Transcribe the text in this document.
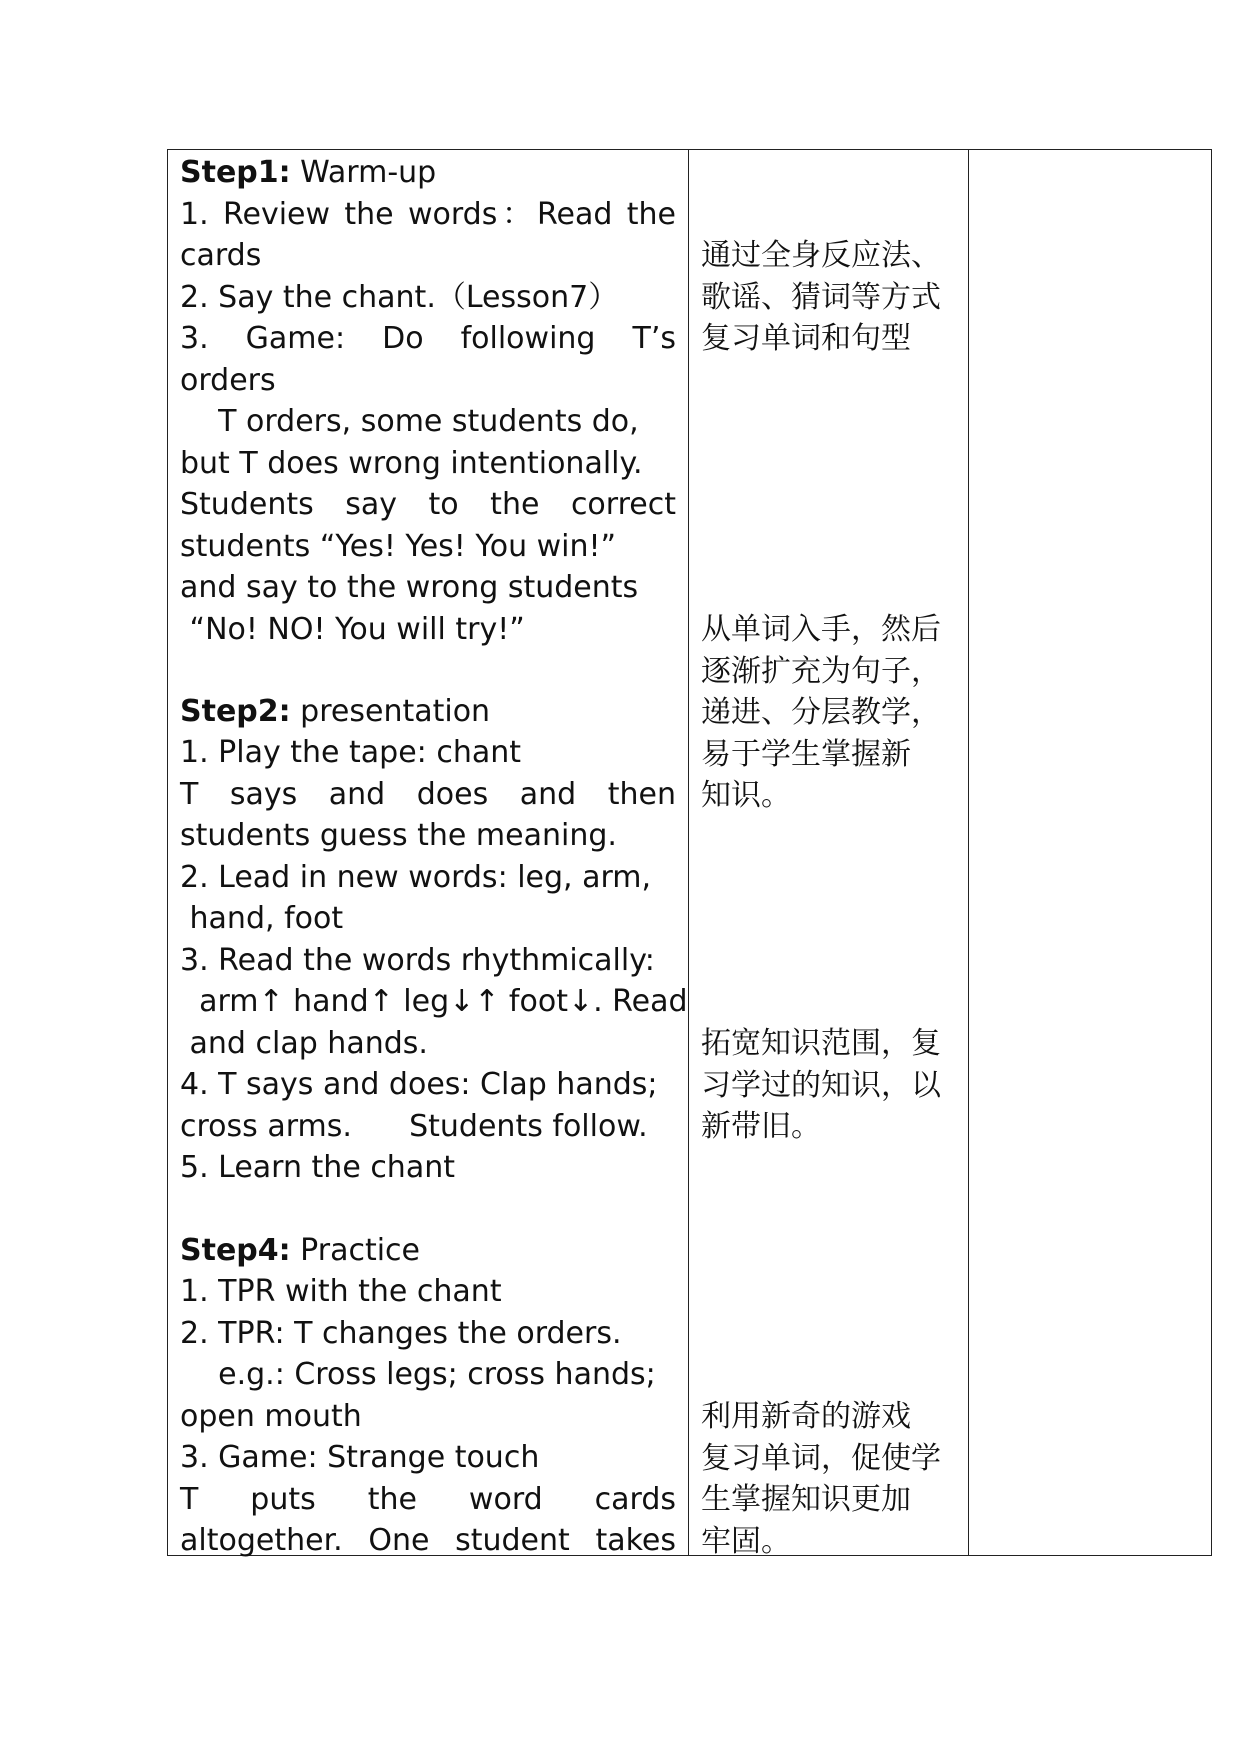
Step1: Warm-up
1. Review the words：Read the
cards
2. Say the chant.（Lesson7）
3. Game: Do following T’s
orders
T orders, some students do,
but T does wrong intentionally.
Students say to the correct
students “Yes! Yes! You win!”
and say to the wrong students
“No! NO! You will try!”
Step2: presentation
1. Play the tape: chant
T says and does and then
students guess the meaning.
2. Lead in new words: leg, arm,
hand, foot
3. Read the words rhythmically:
arm↑ hand↑ leg↓↑ foot↓. Read
and clap hands.
4. T says and does: Clap hands;
cross arms.      Students follow.
5. Learn the chant
Step4: Practice
1. TPR with the chant
2. TPR: T changes the orders.
e.g.: Cross legs; cross hands;
open mouth
3. Game: Strange touch
T puts the word cards
altogether. One student takes
通过全身反应法、
歌谣、猜词等方式
复习单词和句型
从单词入手，然后
逐渐扩充为句子，
递进、分层教学，
易于学生掌握新
知识。
拓宽知识范围，复
习学过的知识，以
新带旧。
利用新奇的游戏
复习单词，促使学
生掌握知识更加
牢固。
